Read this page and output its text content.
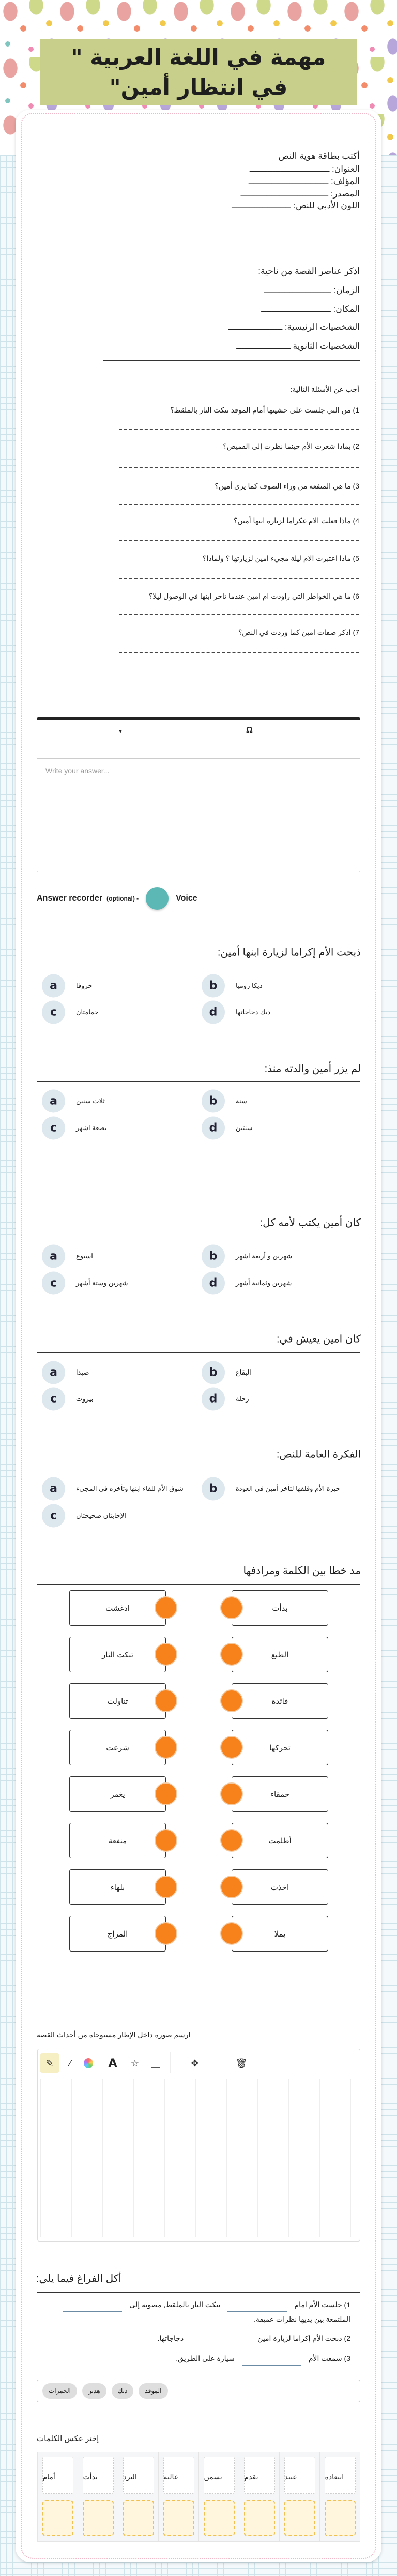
مهمة في اللغة العربية " في انتظار أمين"
أكتب بطاقة هوية النص
العنوان: ـــــــــــــــــــــــــــــــ
المؤلف: ـــــــــــــــــــــــــــــــ
المصدر: ــــــــــــــــــــــــــــــــــ
اللون الأدبي للنص: ـــــــــــــــــــــــ
اذكر عناصر القصة من ناحية:
الزمان: ــــــــــــــــــــــــــ
المكان: ـــــــــــــــــــــــــــ
الشخصيات الرئيسية: ـــــــــــــــــــــ
الشخصيات الثانوية ـــــــــــــــــــــ
أجب عن الأسئلة التالية:
1) من التي جلست على حشيتها أمام الموقد تنكت النار بالملقط؟
2) بماذا شعرت الأم حينما نظرت إلى القميص؟
3) ما هي المنفعة من وراء الصوف كما يرى أمين؟
4) ماذا فعلت الام غكراما لزيارة ابنها أمين؟
5) ماذا اعتبرت الام ليلة مجيء امين لزيارتها ؟ ولماذا؟
6) ما هي الخواطر التي راودت ام امين عندما تاخر ابنها في الوصول ليلا؟
7) اذكر صفات امين كما وردت في النص؟
ذبحت الأم إكراما لزيارة ابنها أمين:
a	خروفا	b	ديكا روميا
c	حمامتان	d	ديك دجاجاتها
لم يزر أمين والدته منذ:
a	ثلاث سنين	b	سنة
c	بضعة اشهر	d	سنتين
كان أمين يكتب لأمه كل:
a	اسبوع	b	شهرين و أربعة اشهر
c	شهرين وستة أشهر	d	شهرين وثمانية أشهر
كان امين يعيش في:
a	صيدا	b	البقاع
c	بيروت	d	زحلة
الفكرة العامة للنص:
a	شوق الأم للقاء ابنها وتأخره في المجيء	b	حيرة الأم وقلقها لتأخر أمين في العودة
c	الإجابتان صحيحتان
ادغشت	بدأت
تنكت النار	الطبع
تناولت	فائدة
شرعت	تحركها
يغمر	حمقاء
منفعة	أظلمت
بلهاء	اخذت
المزاج	يملا
▼	Ω
Write your answer...
Answer recorder (optional) -	Voice
مد خطا بين الكلمة ومرادفها
ارسم صورة داخل الإطار مستوحاة من أحداث القصة
✎	⁄	A	☆	✥	🗑
أكل الفراغ فيما يلي:
1) جلست الأم امامتنكت النار بالملقط, مصوبة إلىالملتمعة بين يديها نظرات عميقة.
2) ذبحت الأم إكراما لزيارة اميندجاجاتها.
3) سمعت الأمسيارة على الطريق.
الجمرات	هدير	ديك	الموقد
إختر عكس الكلمات
ابتعاده
عبيد
تقدم
يسمن
عالية
البرد
بدأت
أمام
